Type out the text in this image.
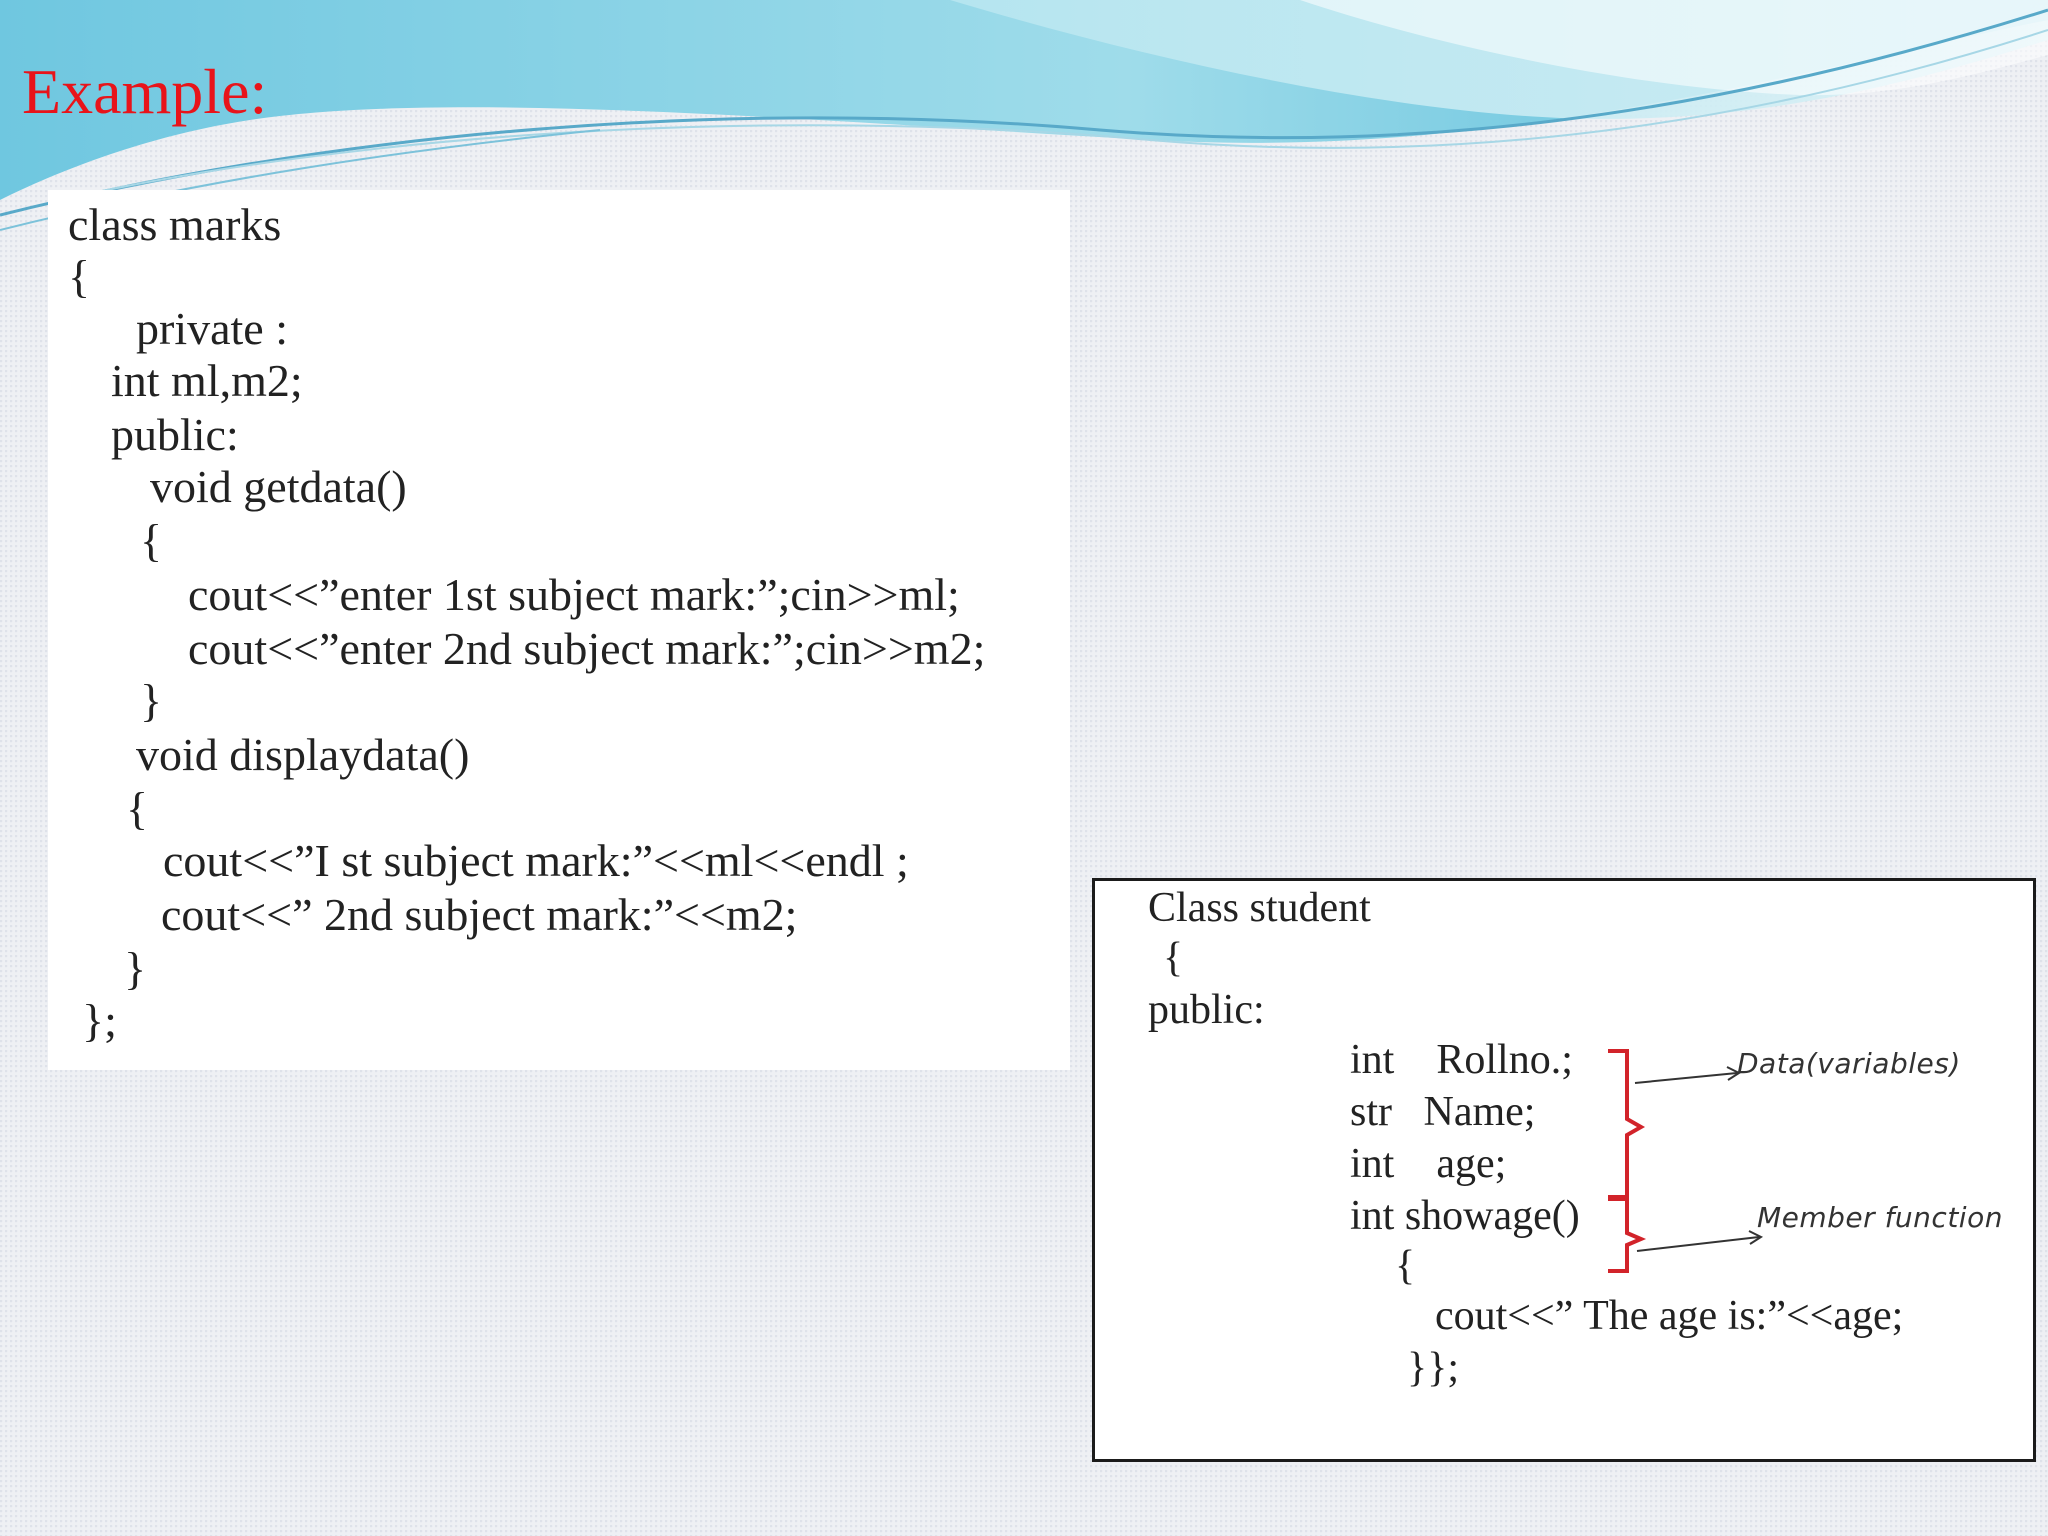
Example:
class marks
{
private :
int ml,m2;
public:
void getdata()
{
cout<<”enter 1st subject mark:”;cin>>ml;
cout<<”enter 2nd subject mark:”;cin>>m2;
}
void displaydata()
{
cout<<”I st subject mark:”<<ml<<endl ;
cout<<” 2nd subject mark:”<<m2;
}
};
Class student
{
public:
int    Rollno.;
str   Name;
int    age;
int showage()
{
cout<<” The age is:”<<age;
}};
Data(variables)
Member function
